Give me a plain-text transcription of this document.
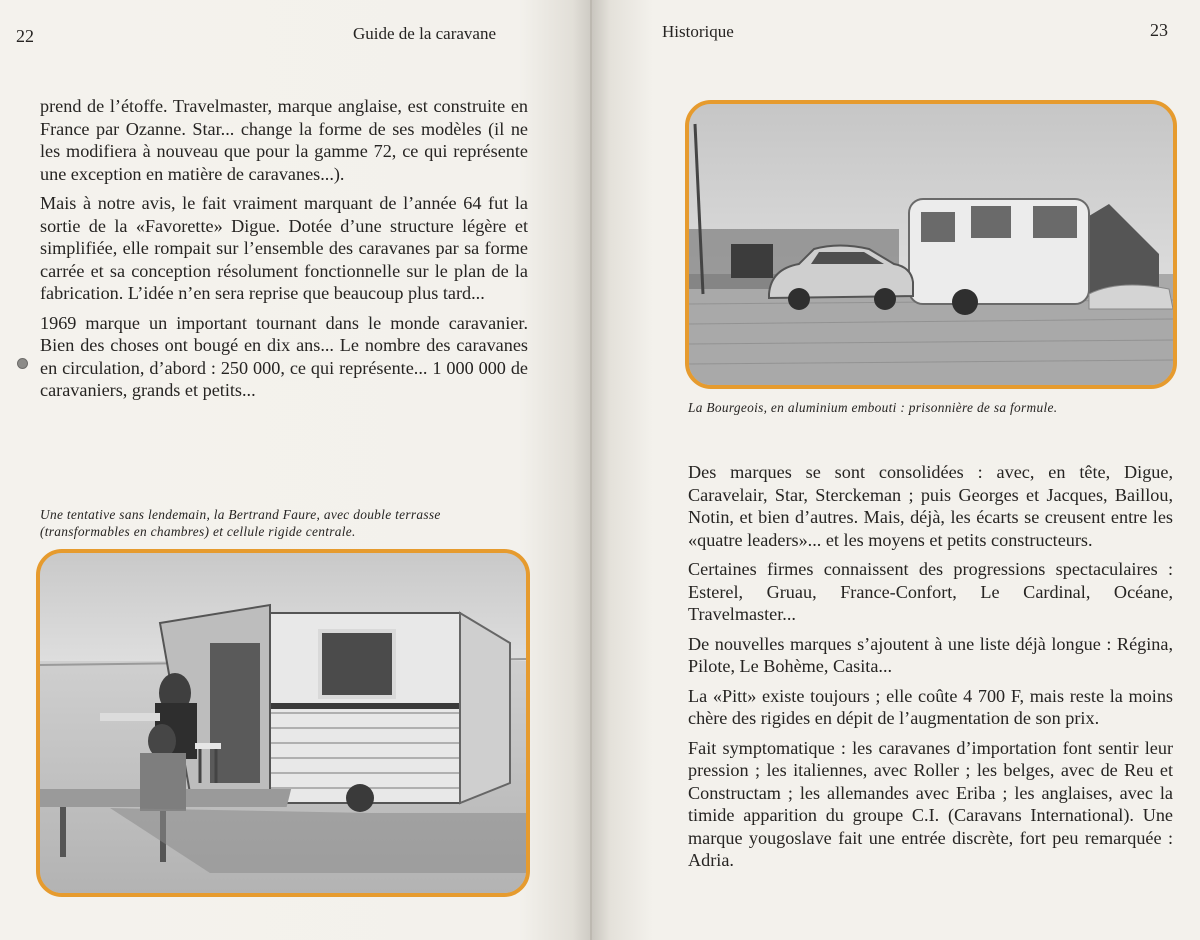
22	Guide de la caravane

prend de l’étoffe. Travelmaster, marque anglaise, est construite en France par Ozanne. Star... change la forme de ses modèles (il ne les modifiera à nouveau que pour la gamme 72, ce qui représente une exception en matière de caravanes...).

Mais à notre avis, le fait vraiment marquant de l’année 64 fut la sortie de la «Favorette» Digue. Dotée d’une structure légère et simplifiée, elle rompait sur l’ensemble des caravanes par sa forme carrée et sa conception résolument fonctionnelle sur le plan de la fabrication. L’idée n’en sera reprise que beaucoup plus tard...

1969 marque un important tournant dans le monde caravanier. Bien des choses ont bougé en dix ans... Le nombre des caravanes en circulation, d’abord : 250 000, ce qui représente... 1 000 000 de caravaniers, grands et petits...

Une tentative sans lendemain, la Bertrand Faure, avec double terrasse (transformables en chambres) et cellule rigide centrale.
Historique	23
La Bourgeois, en aluminium embouti : prisonnière de sa formule.

Des marques se sont consolidées : avec, en tête, Digue, Caravelair, Star, Sterckeman ; puis Georges et Jacques, Baillou, Notin, et bien d’autres. Mais, déjà, les écarts se creusent entre les «quatre leaders»... et les moyens et petits constructeurs.

Certaines firmes connaissent des progressions spectaculaires : Esterel, Gruau, France-Confort, Le Cardinal, Océane, Travelmaster...

De nouvelles marques s’ajoutent à une liste déjà longue : Régina, Pilote, Le Bohème, Casita...

La «Pitt» existe toujours ; elle coûte 4 700 F, mais reste la moins chère des rigides en dépit de l’augmentation de son prix.

Fait symptomatique : les caravanes d’importation font sentir leur pression ; les italiennes, avec Roller ; les belges, avec de Reu et Constructam ; les allemandes avec Eriba ; les anglaises, avec la timide apparition du groupe C.I. (Caravans International). Une marque yougoslave fait une entrée discrète, fort peu remarquée : Adria.
